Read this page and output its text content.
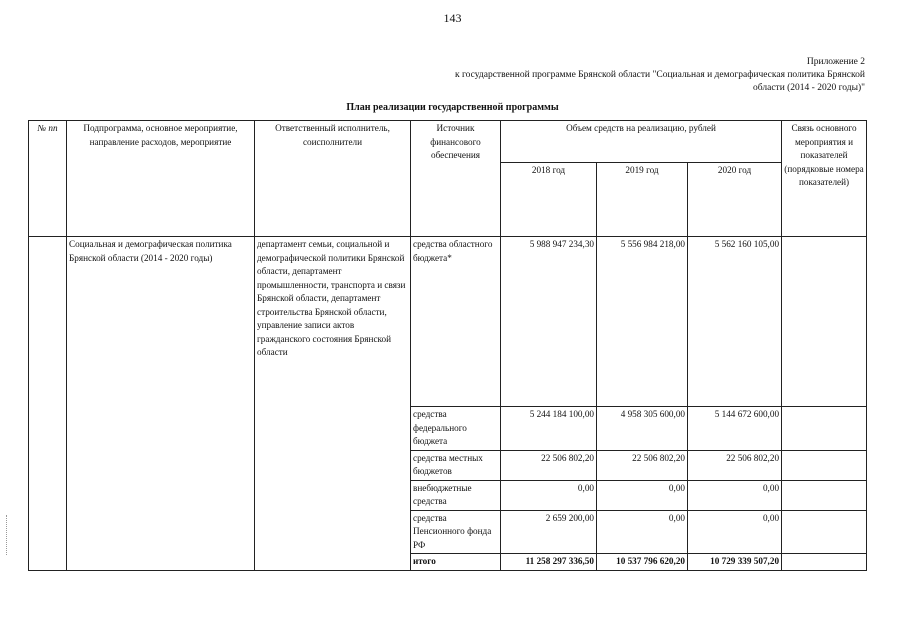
143
Приложение 2
к государственной программе Брянской области "Социальная и демографическая политика Брянской
области (2014 - 2020 годы)"
План реализации государственной программы
№ пп	Подпрограмма, основное мероприятие, направление расходов, мероприятие	Ответственный исполнитель, соисполнители	Источник финансового обеспечения	Объем средств на реализацию, рублей			Связь основного мероприятия и показателей (порядковые номера показателей)
				2018 год	2019 год	2020 год	
	Социальная и демографическая политика Брянской области (2014 - 2020 годы)	департамент семьи, социальной и демографической политики Брянской области, департамент промышленности, транспорта и связи Брянской области, департамент строительства Брянской области, управление записи актов гражданского состояния Брянской области	средства областного бюджета*	5 988 947 234,30	5 556 984 218,00	5 562 160 105,00	
			средства федерального бюджета	5 244 184 100,00	4 958 305 600,00	5 144 672 600,00	
			средства местных бюджетов	22 506 802,20	22 506 802,20	22 506 802,20	
			внебюджетные средства	0,00	0,00	0,00	
			средства Пенсионного фонда РФ	2 659 200,00	0,00	0,00	
			итого	11 258 297 336,50	10 537 796 620,20	10 729 339 507,20	
